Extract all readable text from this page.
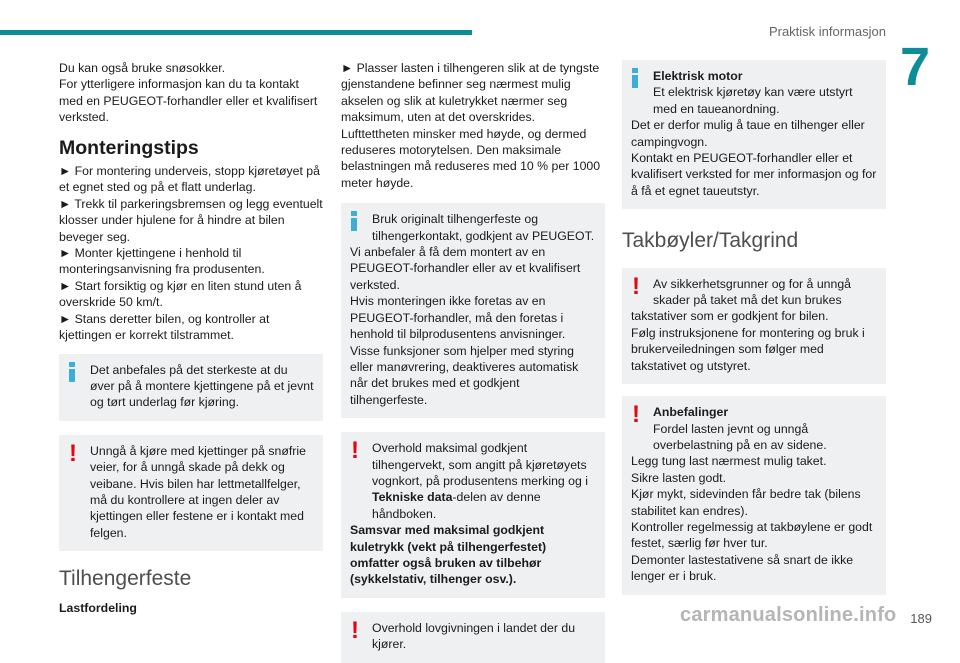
Praktisk informasjon
7

Du kan også bruke snøsokker.

For ytterligere informasjon kan du ta kontakt med en PEUGEOT-forhandler eller et kvalifisert verksted.

Monteringstips

► For montering underveis, stopp kjøretøyet på et egnet sted og på et flatt underlag.

► Trekk til parkeringsbremsen og legg eventuelt klosser under hjulene for å hindre at bilen beveger seg.

► Monter kjettingene i henhold til monteringsanvisning fra produsenten.

► Start forsiktig og kjør en liten stund uten å overskride 50 km/t.

► Stans deretter bilen, og kontroller at kjettingen er korrekt tilstrammet.

Det anbefales på det sterkeste at du øver på å montere kjettingene på et jevnt og tørt underlag før kjøring.

!	Unngå å kjøre med kjettinger på snøfrie veier, for å unngå skade på dekk og veibane. Hvis bilen har lettmetallfelger, må du kontrollere at ingen deler av kjettingen eller festene er i kontakt med felgen.

Tilhengerfeste

Lastfordeling

► Plasser lasten i tilhengeren slik at de tyngste gjenstandene befinner seg nærmest mulig akselen og slik at kuletrykket nærmer seg maksimum, uten at det overskrides. Lufttettheten minsker med høyde, og dermed reduseres motorytelsen. Den maksimale belastningen må reduseres med 10 % per 1000 meter høyde.

Bruk originalt tilhengerfeste og tilhengerkontakt, godkjent av PEUGEOT.

Vi anbefaler å få dem montert av en PEUGEOT-forhandler eller av et kvalifisert verksted.

Hvis monteringen ikke foretas av en PEUGEOT-forhandler, må den foretas i henhold til bilprodusentens anvisninger.

Visse funksjoner som hjelper med styring eller manøvrering, deaktiveres automatisk når det brukes med et godkjent tilhengerfeste.

!	Overhold maksimal godkjent tilhengervekt, som angitt på kjøretøyets vognkort, på produsentens merking og i Tekniske data-delen av denne håndboken.

Samsvar med maksimal godkjent kuletrykk (vekt på tilhengerfestet) omfatter også bruken av tilbehør (sykkelstativ, tilhenger osv.).

!	Overhold lovgivningen i landet der du kjører.

Elektrisk motor

Et elektrisk kjøretøy kan være utstyrt med en taueanordning.

Det er derfor mulig å taue en tilhenger eller campingvogn.

Kontakt en PEUGEOT-forhandler eller et kvalifisert verksted for mer informasjon og for å få et egnet taueutstyr.

Takbøyler/Takgrind
!	Av sikkerhetsgrunner og for å unngå skader på taket må det kun brukes

takstativer som er godkjent for bilen.

Følg instruksjonene for montering og bruk i brukerveiledningen som følger med takstativet og utstyret.

!	Anbefalinger

Fordel lasten jevnt og unngå overbelastning på en av sidene.

Legg tung last nærmest mulig taket.

Sikre lasten godt.

Kjør mykt, sidevinden får bedre tak (bilens stabilitet kan endres).

Kontroller regelmessig at takbøylene er godt festet, særlig før hver tur.

Demonter lastestativene så snart de ikke lenger er i bruk.

carmanualsonline.info 189
